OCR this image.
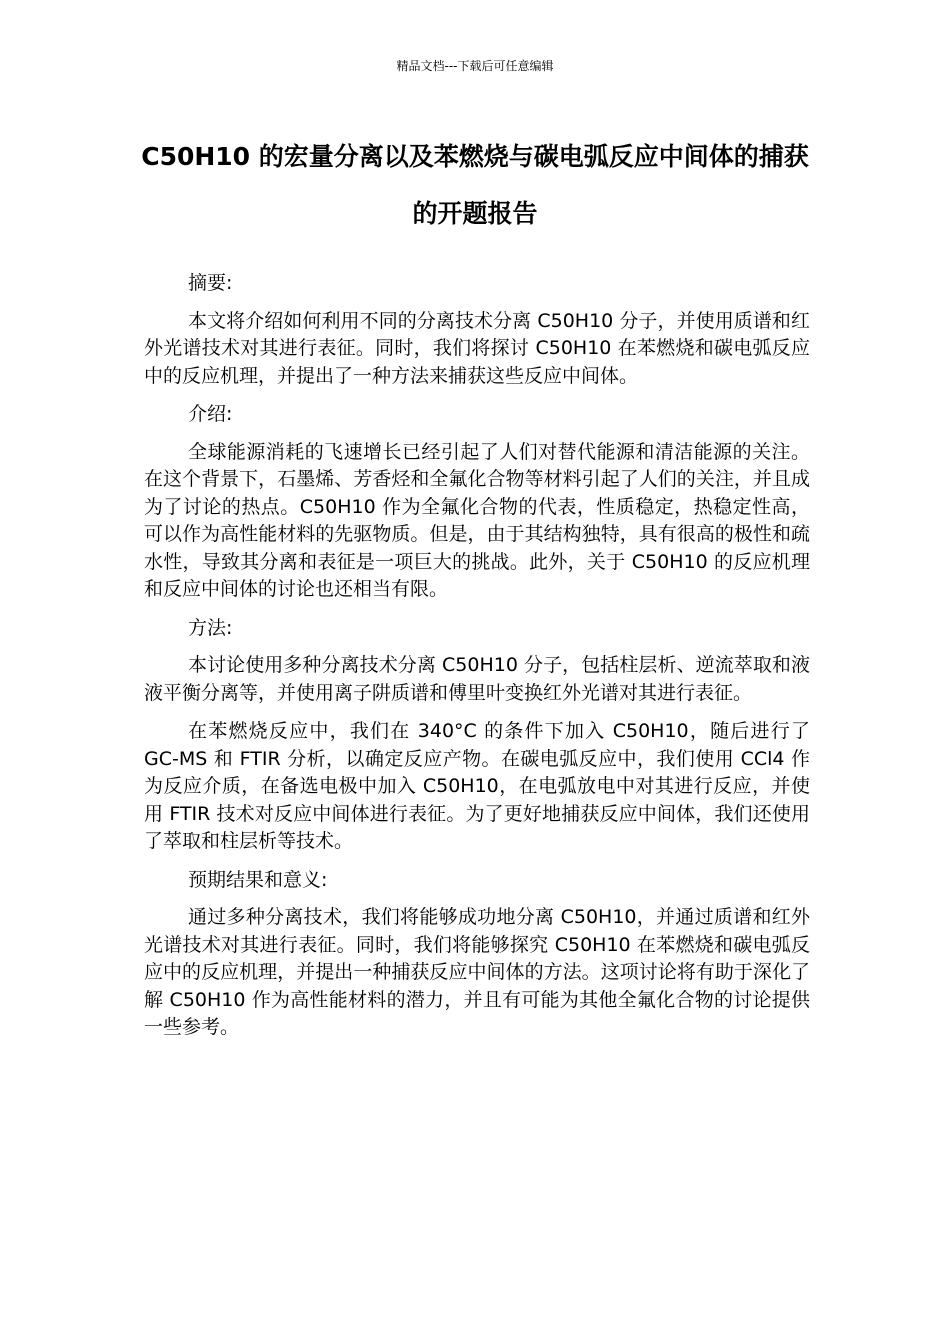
精品文档---下载后可任意编辑
C50H10 的宏量分离以及苯燃烧与碳电弧反应中间体的捕获的开题报告

摘要:

本文将介绍如何利用不同的分离技术分离 C50H10 分子，并使用质谱和红外光谱技术对其进行表征。同时，我们将探讨 C50H10 在苯燃烧和碳电弧反应中的反应机理，并提出了一种方法来捕获这些反应中间体。

介绍:

全球能源消耗的飞速增长已经引起了人们对替代能源和清洁能源的关注。在这个背景下，石墨烯、芳香烃和全氟化合物等材料引起了人们的关注，并且成为了讨论的热点。C50H10 作为全氟化合物的代表，性质稳定，热稳定性高，可以作为高性能材料的先驱物质。但是，由于其结构独特，具有很高的极性和疏水性，导致其分离和表征是一项巨大的挑战。此外，关于 C50H10 的反应机理和反应中间体的讨论也还相当有限。

方法:

本讨论使用多种分离技术分离 C50H10 分子，包括柱层析、逆流萃取和液液平衡分离等，并使用离子阱质谱和傅里叶变换红外光谱对其进行表征。

在苯燃烧反应中，我们在 340°C 的条件下加入 C50H10，随后进行了 GC-MS 和 FTIR 分析，以确定反应产物。在碳电弧反应中，我们使用 CCl4 作为反应介质，在备选电极中加入 C50H10，在电弧放电中对其进行反应，并使用 FTIR 技术对反应中间体进行表征。为了更好地捕获反应中间体，我们还使用了萃取和柱层析等技术。

预期结果和意义:

通过多种分离技术，我们将能够成功地分离 C50H10，并通过质谱和红外光谱技术对其进行表征。同时，我们将能够探究 C50H10 在苯燃烧和碳电弧反应中的反应机理，并提出一种捕获反应中间体的方法。这项讨论将有助于深化了解 C50H10 作为高性能材料的潜力，并且有可能为其他全氟化合物的讨论提供一些参考。
